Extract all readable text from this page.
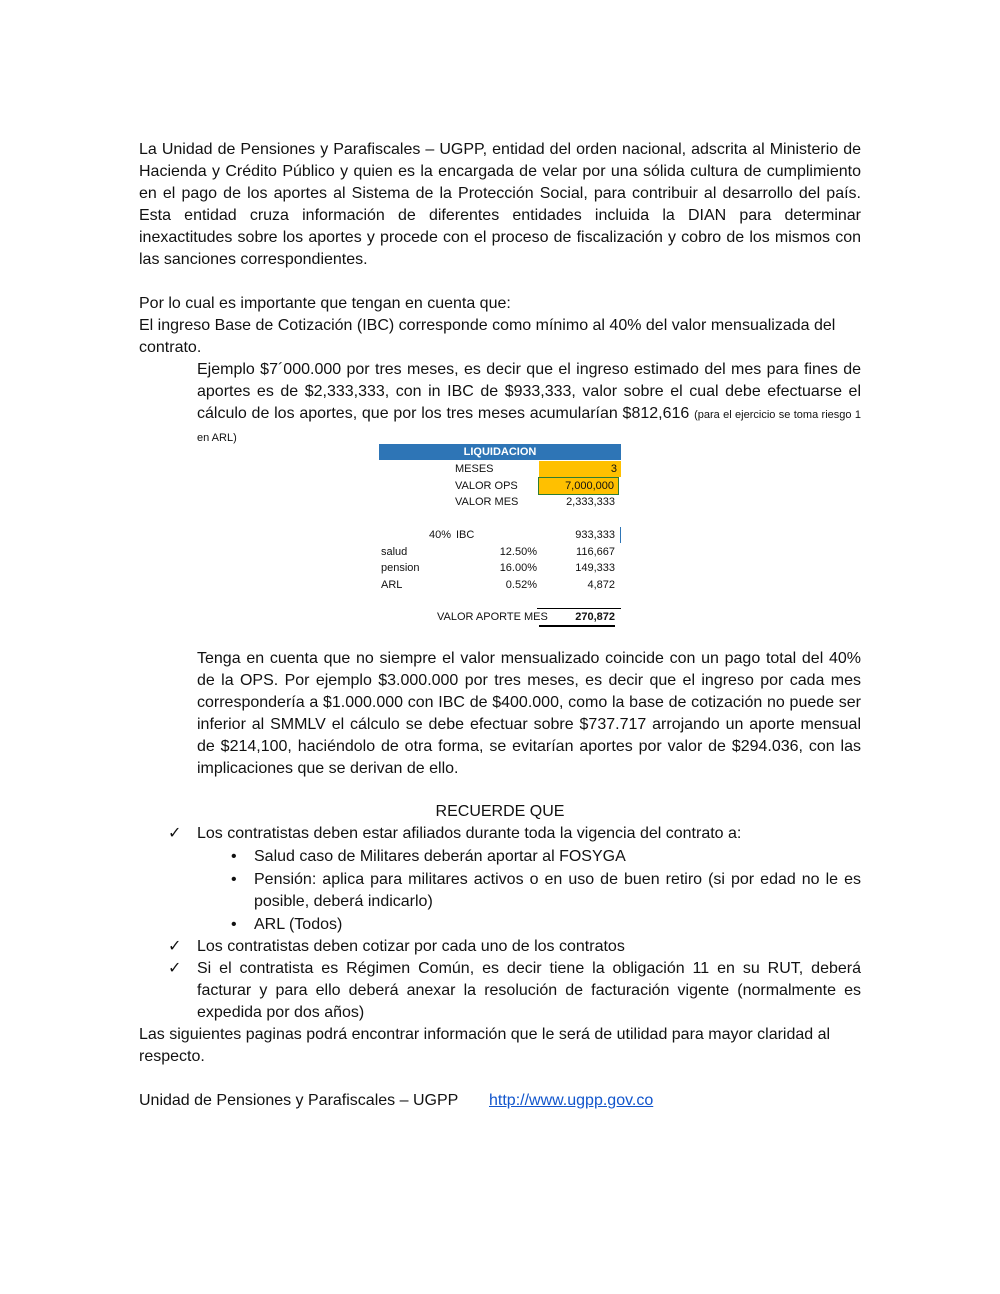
La Unidad de Pensiones y Parafiscales – UGPP, entidad del orden nacional, adscrita al Ministerio de Hacienda y Crédito Público y quien es la encargada de velar por una sólida cultura de cumplimiento en el pago de los aportes al Sistema de la Protección Social, para contribuir al desarrollo del país. Esta entidad cruza información de diferentes entidades incluida la DIAN para determinar inexactitudes sobre los aportes y procede con el proceso de fiscalización y cobro de los mismos con las sanciones correspondientes.
Por lo cual es importante que tengan en cuenta que:
El ingreso Base de Cotización (IBC) corresponde como mínimo al 40% del valor mensualizada del contrato.
Ejemplo $7´000.000 por tres meses, es decir que el ingreso estimado del mes para fines de aportes es de $2,333,333, con in IBC de $933,333, valor sobre el cual debe efectuarse el cálculo de los aportes, que por los tres meses acumularían $812,616 (para el ejercicio se toma riesgo 1 en ARL)
LIQUIDACION
MESES	3
VALOR OPS	7,000,000
VALOR MES	2,333,333
40% IBC	933,333
salud	12.50%	116,667
pension	16.00%	149,333
ARL	0.52%	4,872
VALOR APORTE MES	270,872
Tenga en cuenta que no siempre el valor mensualizado coincide con un pago total del 40% de la OPS. Por ejemplo $3.000.000 por tres meses, es decir que el ingreso por cada mes correspondería a $1.000.000 con IBC de $400.000, como la base de cotización no puede ser inferior al SMMLV el cálculo se debe efectuar sobre $737.717 arrojando un aporte mensual de $214,100, haciéndolo de otra forma, se evitarían aportes por valor de $294.036, con las implicaciones que se derivan de ello.
RECUERDE QUE
✓ Los contratistas deben estar afiliados durante toda la vigencia del contrato a:
•	Salud caso de Militares deberán aportar al FOSYGA
•	Pensión: aplica para militares activos o en uso de buen retiro (si por edad no le es posible, deberá indicarlo)
•	ARL (Todos)
✓ Los contratistas deben cotizar por cada uno de los contratos
✓ Si el contratista es Régimen Común, es decir tiene la obligación 11 en su RUT, deberá facturar y para ello deberá anexar la resolución de facturación vigente (normalmente es expedida por dos años)
Las siguientes paginas podrá encontrar información que le será de utilidad para mayor claridad al respecto.
Unidad de Pensiones y Parafiscales – UGPP http://www.ugpp.gov.co
